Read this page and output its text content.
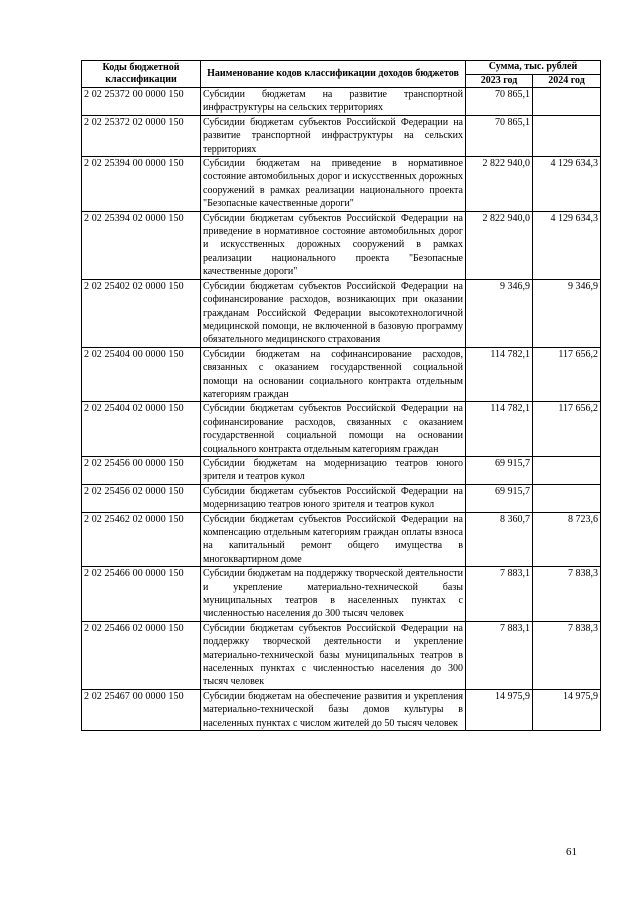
Коды бюджетной классификации	Наименование кодов классификации доходов бюджетов	Сумма, тыс. рублей	
		2023 год	2024 год
2 02 25372 00 0000 150	Субсидии бюджетам на развитие транспортной инфраструктуры на сельских территориях	70 865,1	
2 02 25372 02 0000 150	Субсидии бюджетам субъектов Российской Федерации на развитие транспортной инфраструктуры на сельских территориях	70 865,1	
2 02 25394 00 0000 150	Субсидии бюджетам на приведение в нормативное состояние автомобильных дорог и искусственных дорожных сооружений в рамках реализации национального проекта "Безопасные качественные дороги"	2 822 940,0	4 129 634,3
2 02 25394 02 0000 150	Субсидии бюджетам субъектов Российской Федерации на приведение в нормативное состояние автомобильных дорог и искусственных дорожных сооружений в рамках реализации национального проекта "Безопасные качественные дороги"	2 822 940,0	4 129 634,3
2 02 25402 02 0000 150	Субсидии бюджетам субъектов Российской Федерации на софинансирование расходов, возникающих при оказании гражданам Российской Федерации высокотехнологичной медицинской помощи, не включенной в базовую программу обязательного медицинского страхования	9 346,9	9 346,9
2 02 25404 00 0000 150	Субсидии бюджетам на софинансирование расходов, связанных с оказанием государственной социальной помощи на основании социального контракта отдельным категориям граждан	114 782,1	117 656,2
2 02 25404 02 0000 150	Субсидии бюджетам субъектов Российской Федерации на софинансирование расходов, связанных с оказанием государственной социальной помощи на основании социального контракта отдельным категориям граждан	114 782,1	117 656,2
2 02 25456 00 0000 150	Субсидии бюджетам на модернизацию театров юного зрителя и театров кукол	69 915,7	
2 02 25456 02 0000 150	Субсидии бюджетам субъектов Российской Федерации на модернизацию театров юного зрителя и театров кукол	69 915,7	
2 02 25462 02 0000 150	Субсидии бюджетам субъектов Российской Федерации на компенсацию отдельным категориям граждан оплаты взноса на капитальный ремонт общего имущества в многоквартирном доме	8 360,7	8 723,6
2 02 25466 00 0000 150	Субсидии бюджетам на поддержку творческой деятельности и укрепление материально-технической базы муниципальных театров в населенных пунктах с численностью населения до 300 тысяч человек	7 883,1	7 838,3
2 02 25466 02 0000 150	Субсидии бюджетам субъектов Российской Федерации на поддержку творческой деятельности и укрепление материально-технической базы муниципальных театров в населенных пунктах с численностью населения до 300 тысяч человек	7 883,1	7 838,3
2 02 25467 00 0000 150	Субсидии бюджетам на обеспечение развития и укрепления материально-технической базы домов культуры в населенных пунктах с числом жителей до 50 тысяч человек	14 975,9	14 975,9
61
